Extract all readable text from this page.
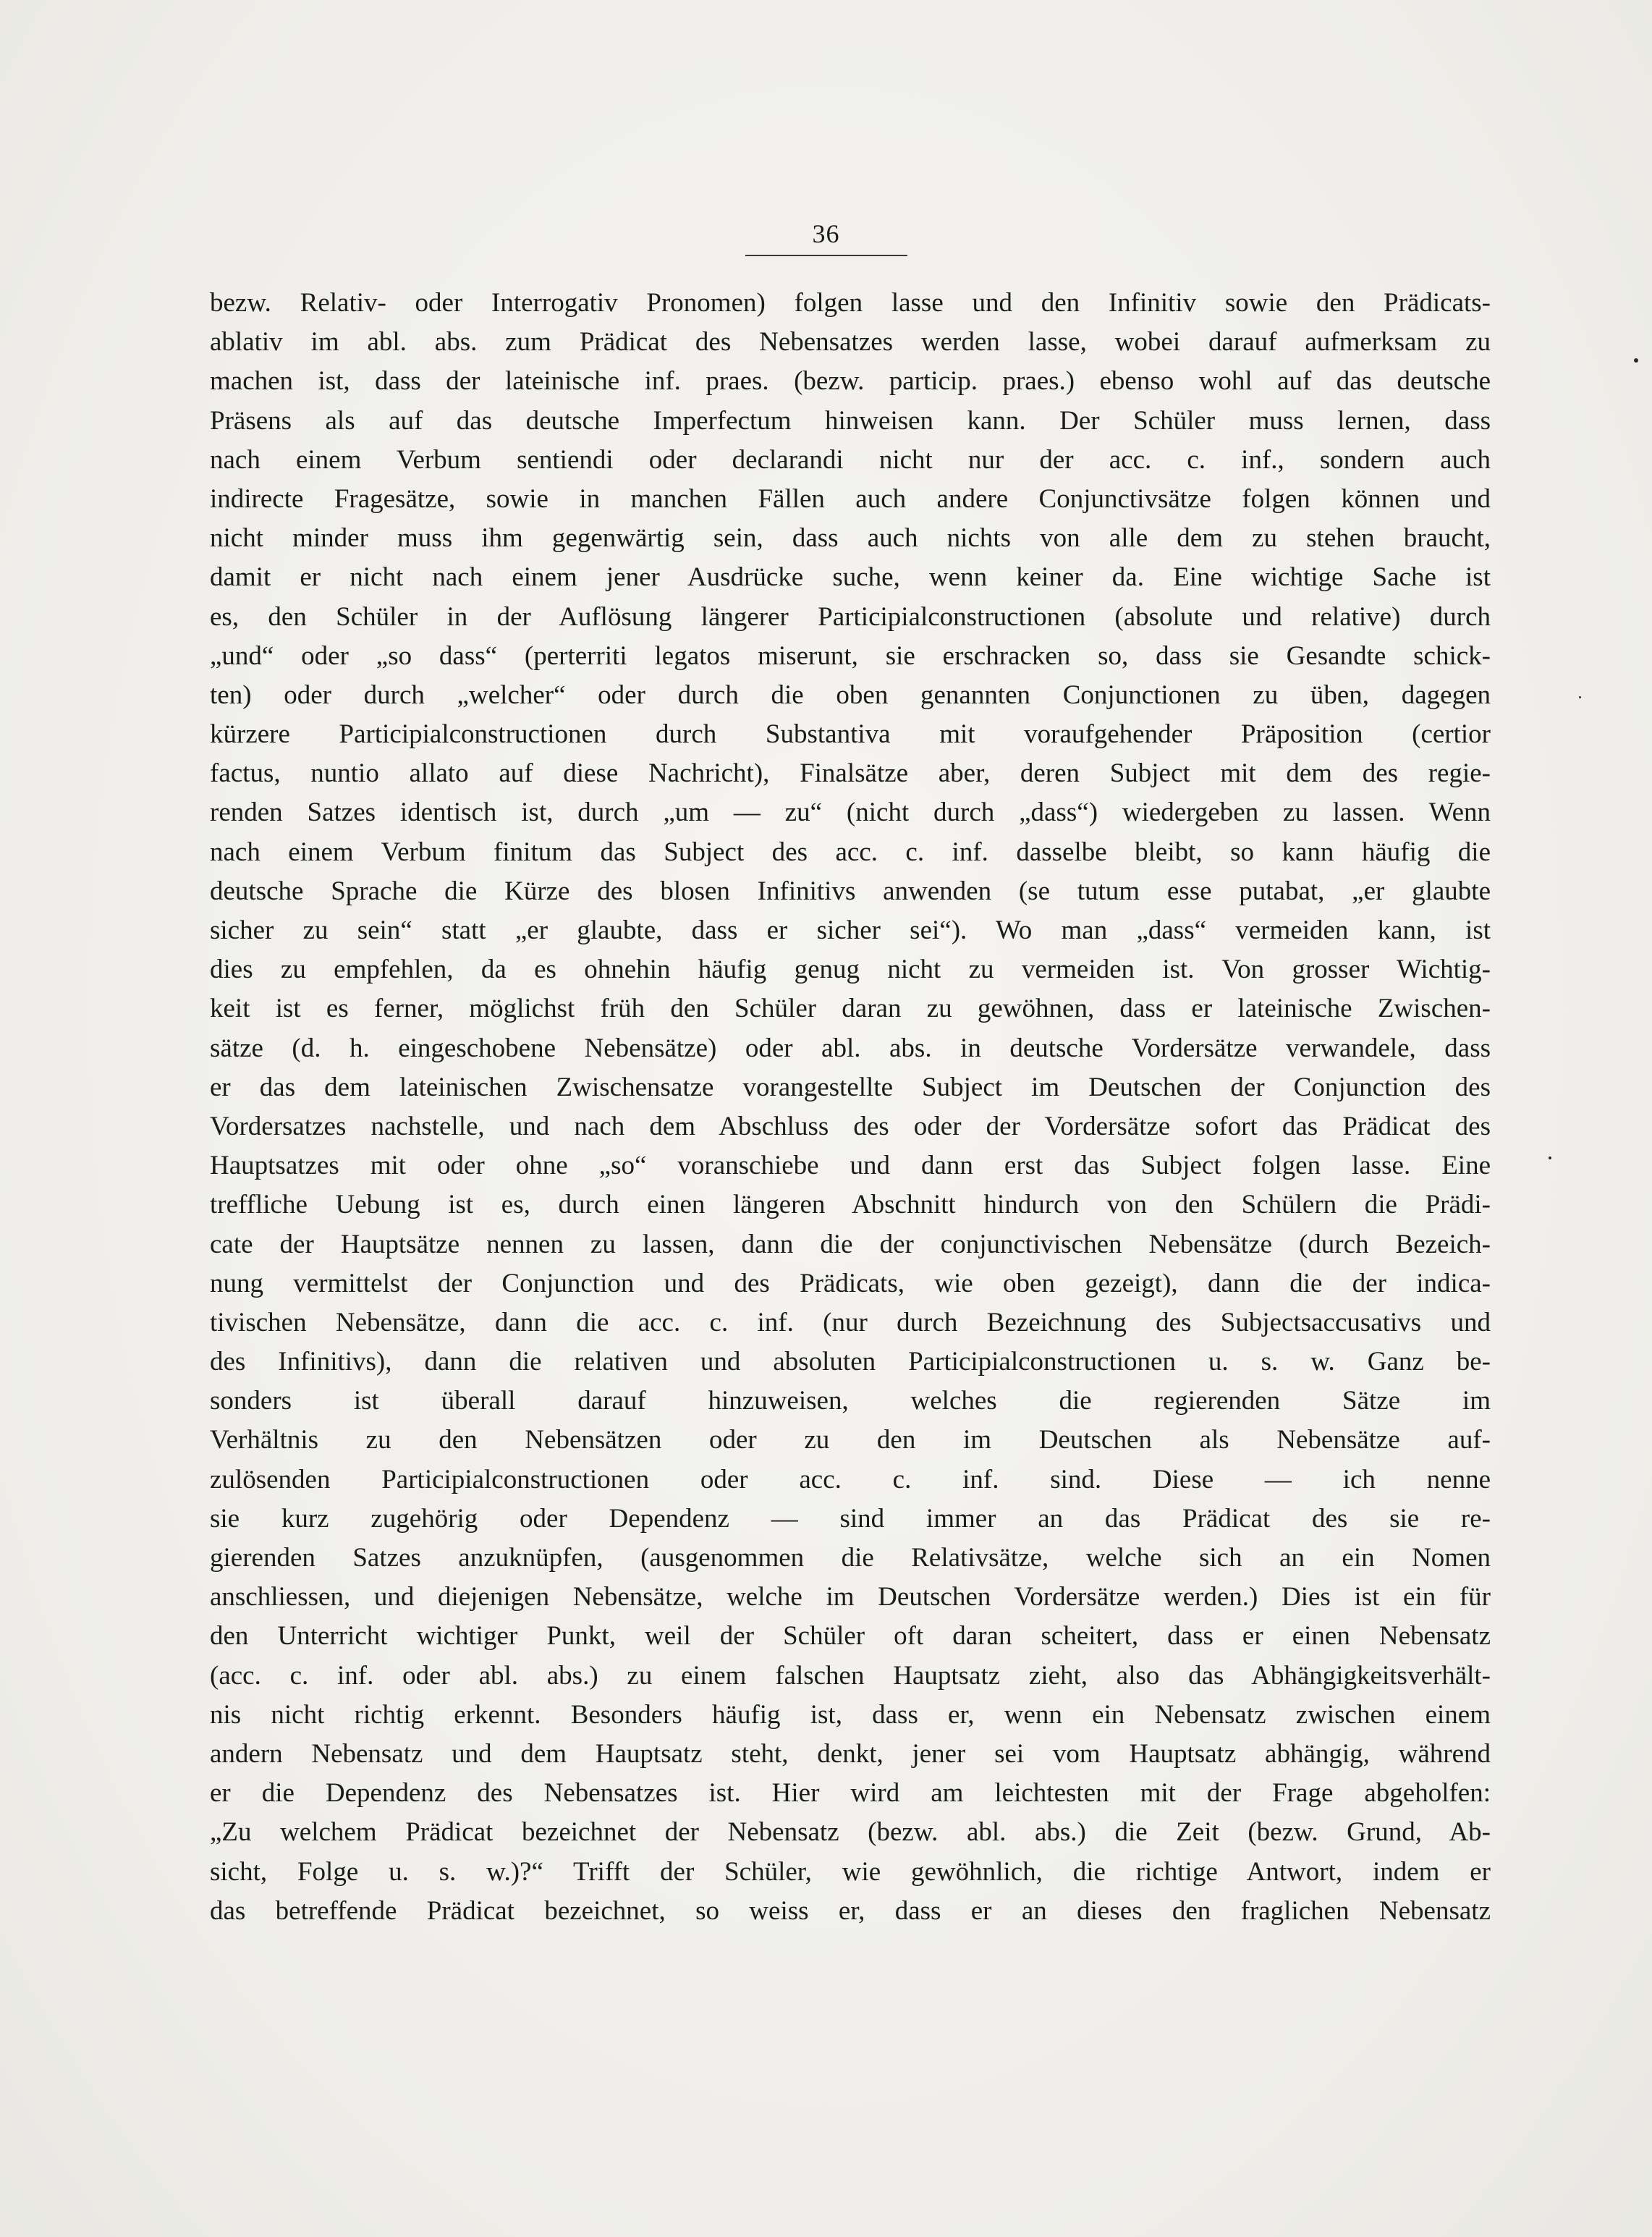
36
bezw. Relativ- oder Interrogativ Pronomen) folgen lasse und den Infinitiv sowie den Prädicats-
ablativ im abl. abs. zum Prädicat des Nebensatzes werden lasse, wobei darauf aufmerksam zu
machen ist, dass der lateinische inf. praes. (bezw. particip. praes.) ebenso wohl auf das deutsche
Präsens als auf das deutsche Imperfectum hinweisen kann. Der Schüler muss lernen, dass
nach einem Verbum sentiendi oder declarandi nicht nur der acc. c. inf., sondern auch
indirecte Fragesätze, sowie in manchen Fällen auch andere Conjunctivsätze folgen können und
nicht minder muss ihm gegenwärtig sein, dass auch nichts von alle dem zu stehen braucht,
damit er nicht nach einem jener Ausdrücke suche, wenn keiner da. Eine wichtige Sache ist
es, den Schüler in der Auflösung längerer Participialconstructionen (absolute und relative) durch
„und“ oder „so dass“ (perterriti legatos miserunt, sie erschracken so, dass sie Gesandte schick-
ten) oder durch „welcher“ oder durch die oben genannten Conjunctionen zu üben, dagegen
kürzere Participialconstructionen durch Substantiva mit voraufgehender Präposition (certior
factus, nuntio allato auf diese Nachricht), Finalsätze aber, deren Subject mit dem des regie-
renden Satzes identisch ist, durch „um — zu“ (nicht durch „dass“) wiedergeben zu lassen. Wenn
nach einem Verbum finitum das Subject des acc. c. inf. dasselbe bleibt, so kann häufig die
deutsche Sprache die Kürze des blosen Infinitivs anwenden (se tutum esse putabat, „er glaubte
sicher zu sein“ statt „er glaubte, dass er sicher sei“). Wo man „dass“ vermeiden kann, ist
dies zu empfehlen, da es ohnehin häufig genug nicht zu vermeiden ist. Von grosser Wichtig-
keit ist es ferner, möglichst früh den Schüler daran zu gewöhnen, dass er lateinische Zwischen-
sätze (d. h. eingeschobene Nebensätze) oder abl. abs. in deutsche Vordersätze verwandele, dass
er das dem lateinischen Zwischensatze vorangestellte Subject im Deutschen der Conjunction des
Vordersatzes nachstelle, und nach dem Abschluss des oder der Vordersätze sofort das Prädicat des
Hauptsatzes mit oder ohne „so“ voranschiebe und dann erst das Subject folgen lasse. Eine
treffliche Uebung ist es, durch einen längeren Abschnitt hindurch von den Schülern die Prädi-
cate der Hauptsätze nennen zu lassen, dann die der conjunctivischen Nebensätze (durch Bezeich-
nung vermittelst der Conjunction und des Prädicats, wie oben gezeigt), dann die der indica-
tivischen Nebensätze, dann die acc. c. inf. (nur durch Bezeichnung des Subjectsaccusativs und
des Infinitivs), dann die relativen und absoluten Participialconstructionen u. s. w. Ganz be-
sonders ist überall darauf hinzuweisen, welches die regierenden Sätze im
Verhältnis zu den Nebensätzen oder zu den im Deutschen als Nebensätze auf-
zulösenden Participialconstructionen oder acc. c. inf. sind. Diese — ich nenne
sie kurz zugehörig oder Dependenz — sind immer an das Prädicat des sie re-
gierenden Satzes anzuknüpfen, (ausgenommen die Relativsätze, welche sich an ein Nomen
anschliessen, und diejenigen Nebensätze, welche im Deutschen Vordersätze werden.) Dies ist ein für
den Unterricht wichtiger Punkt, weil der Schüler oft daran scheitert, dass er einen Nebensatz
(acc. c. inf. oder abl. abs.) zu einem falschen Hauptsatz zieht, also das Abhängigkeitsverhält-
nis nicht richtig erkennt. Besonders häufig ist, dass er, wenn ein Nebensatz zwischen einem
andern Nebensatz und dem Hauptsatz steht, denkt, jener sei vom Hauptsatz abhängig, während
er die Dependenz des Nebensatzes ist. Hier wird am leichtesten mit der Frage abgeholfen:
„Zu welchem Prädicat bezeichnet der Nebensatz (bezw. abl. abs.) die Zeit (bezw. Grund, Ab-
sicht, Folge u. s. w.)?“ Trifft der Schüler, wie gewöhnlich, die richtige Antwort, indem er
das betreffende Prädicat bezeichnet, so weiss er, dass er an dieses den fraglichen Nebensatz
